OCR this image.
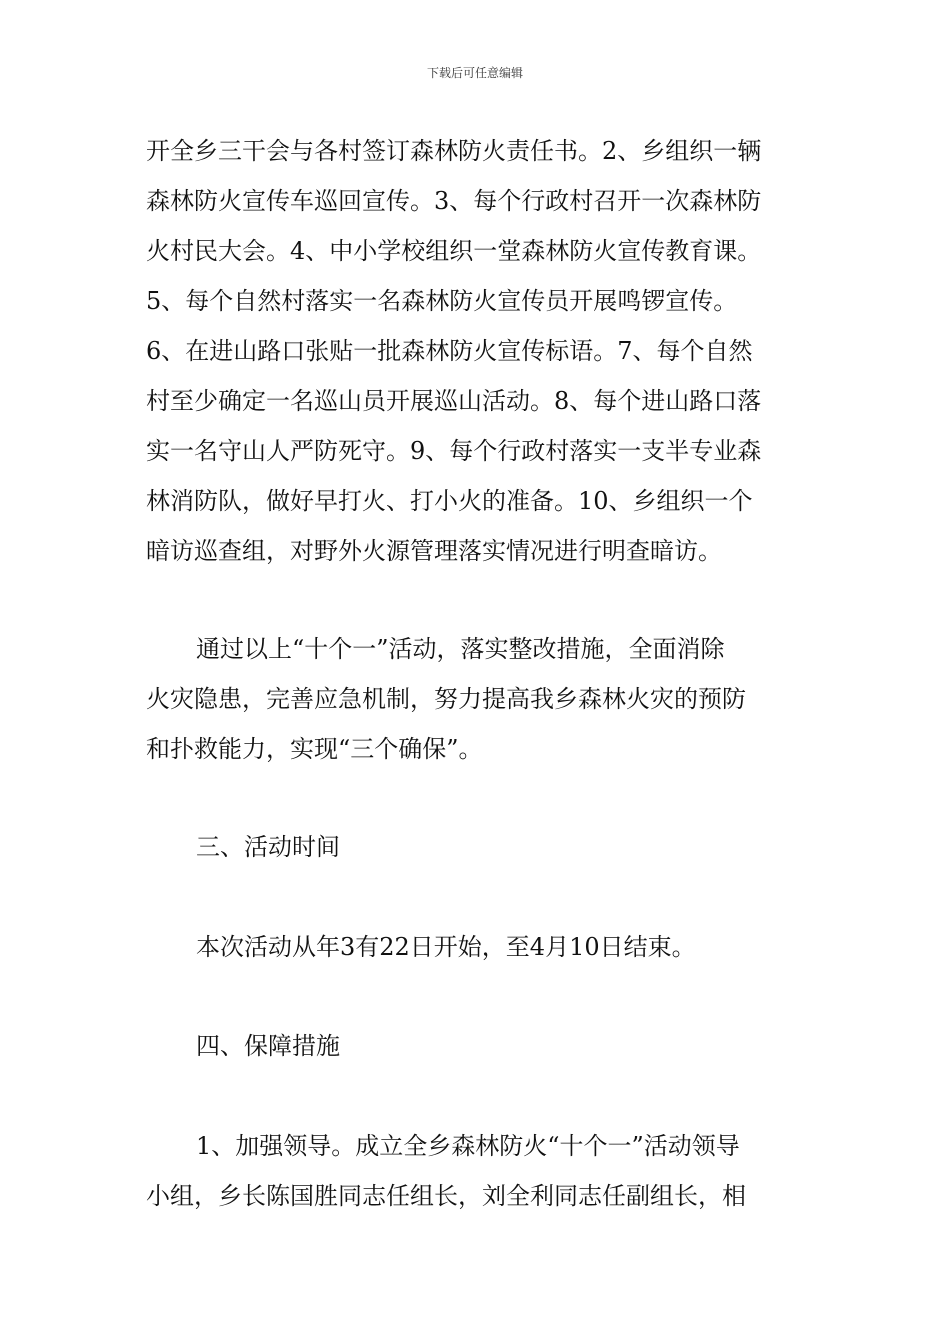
下载后可任意编辑
开全乡三干会与各村签订森林防火责任书。2、乡组织一辆
森林防火宣传车巡回宣传。3、每个行政村召开一次森林防
火村民大会。4、中小学校组织一堂森林防火宣传教育课。
5、每个自然村落实一名森林防火宣传员开展鸣锣宣传。
6、在进山路口张贴一批森林防火宣传标语。7、每个自然
村至少确定一名巡山员开展巡山活动。8、每个进山路口落
实一名守山人严防死守。9、每个行政村落实一支半专业森
林消防队，做好早打火、打小火的准备。10、乡组织一个
暗访巡查组，对野外火源管理落实情况进行明查暗访。
通过以上“十个一”活动，落实整改措施，全面消除
火灾隐患，完善应急机制，努力提高我乡森林火灾的预防
和扑救能力，实现“三个确保”。
三、活动时间
本次活动从年3有22日开始，至4月10日结束。
四、保障措施
1、加强领导。成立全乡森林防火“十个一”活动领导
小组，乡长陈国胜同志任组长，刘全利同志任副组长，相
